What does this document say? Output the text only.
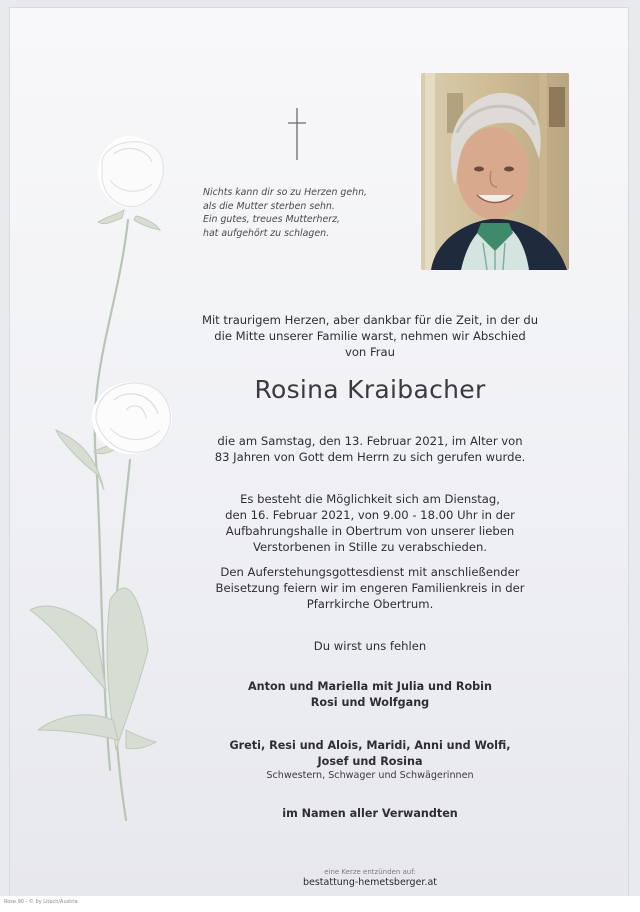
Rose 90 - © by Litech/Austria
Nichts kann dir so zu Herzen gehn,
als die Mutter sterben sehn.
Ein gutes, treues Mutterherz,
hat aufgehört zu schlagen.
Mit traurigem Herzen, aber dankbar für die Zeit, in der du
die Mitte unserer Familie warst, nehmen wir Abschied
von Frau
Rosina Kraibacher
die am Samstag, den 13. Februar 2021, im Alter von
83 Jahren von Gott dem Herrn zu sich gerufen wurde.
Es besteht die Möglichkeit sich am Dienstag,
den 16. Februar 2021, von 9.00 - 18.00 Uhr in der
Aufbahrungshalle in Obertrum von unserer lieben
Verstorbenen in Stille zu verabschieden.
Den Auferstehungsgottesdienst mit anschließender
Beisetzung feiern wir im engeren Familienkreis in der
Pfarrkirche Obertrum.
Du wirst uns fehlen
Anton und Mariella mit Julia und Robin
Rosi und Wolfgang
Greti, Resi und Alois, Maridi, Anni und Wolfi,
Josef und Rosina
Schwestern, Schwager und Schwägerinnen
im Namen aller Verwandten
eine Kerze entzünden auf:
bestattung-hemetsberger.at
